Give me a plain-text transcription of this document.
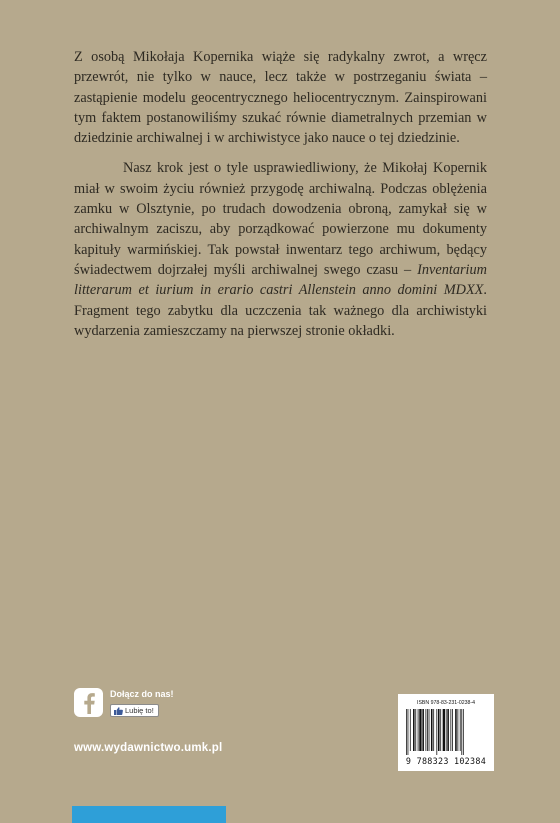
Z osobą Mikołaja Kopernika wiąże się radykalny zwrot, a wręcz przewrót, nie tylko w nauce, lecz także w postrzeganiu świata – zastąpienie modelu geocentrycznego heliocentrycznym. Zainspirowani tym faktem postanowiliśmy szukać równie diametralnych przemian w dziedzinie archiwalnej i w archiwistyce jako nauce o tej dziedzinie.

Nasz krok jest o tyle usprawiedliwiony, że Mikołaj Kopernik miał w swoim życiu również przygodę archiwalną. Podczas oblężenia zamku w Olsztynie, po trudach dowodzenia obroną, zamykał się w archiwalnym zaciszu, aby porządkować powierzone mu dokumenty kapituły warmińskiej. Tak powstał inwentarz tego archiwum, będący świadectwem dojrzałej myśli archiwalnej swego czasu – Inventarium litterarum et iurium in erario castri Allenstein anno domini MDXX. Fragment tego zabytku dla uczczenia tak ważnego dla archiwistyki wydarzenia zamieszczamy na pierwszej stronie okładki.

Dołącz do nas!
Lubię to!
www.wydawnictwo.umk.pl
ISBN 978-83-231-0238-4
9 788323 102384
